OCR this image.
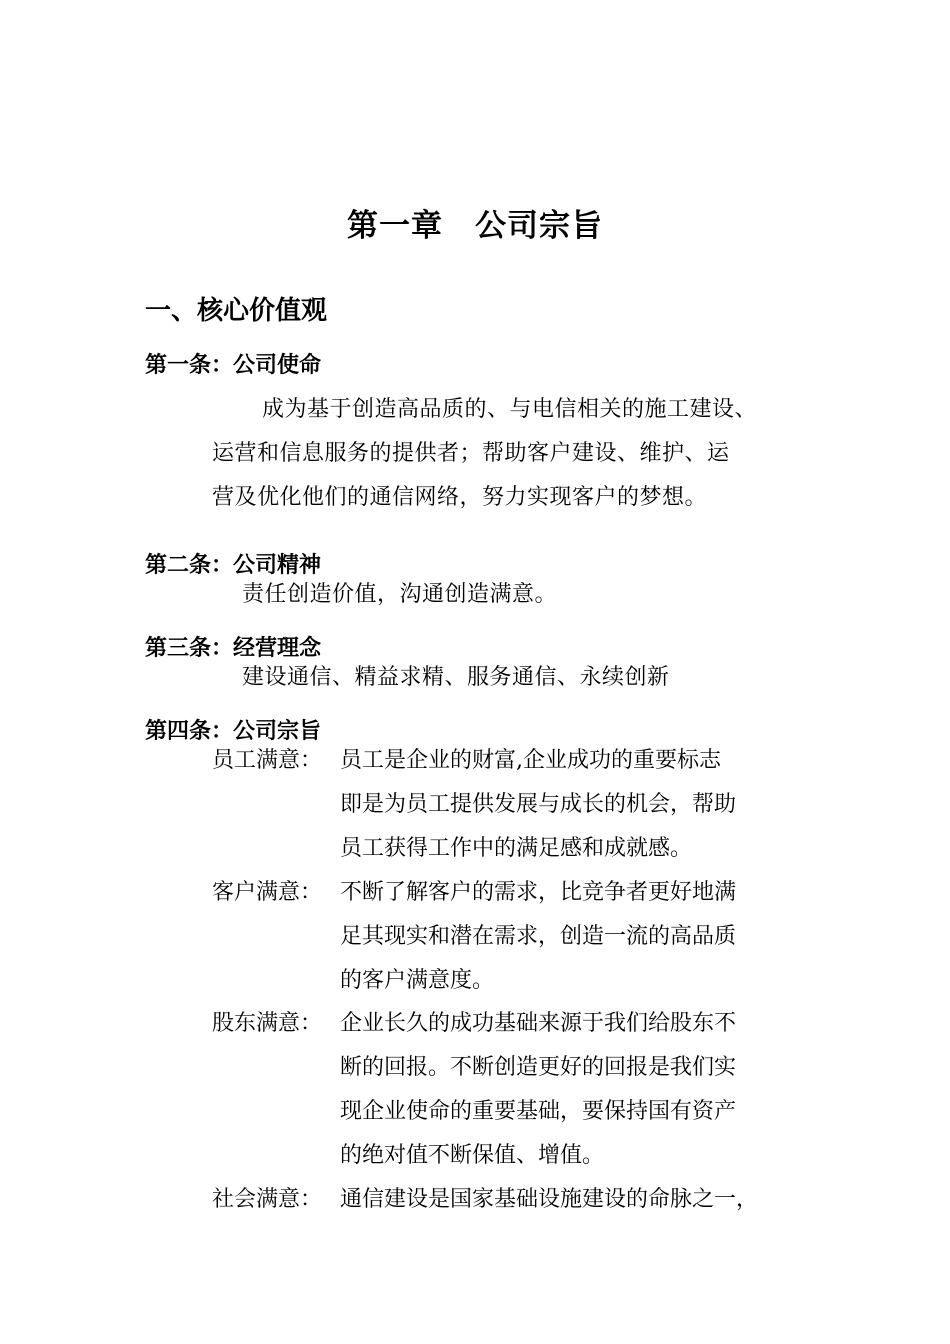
第一章　公司宗旨
一、核心价值观
第一条：公司使命
成为基于创造高品质的、与电信相关的施工建设、
运营和信息服务的提供者；帮助客户建设、维护、运
营及优化他们的通信网络，努力实现客户的梦想。
第二条：公司精神
责任创造价值，沟通创造满意。
第三条：经营理念
建设通信、精益求精、服务通信、永续创新
第四条：公司宗旨
员工满意： 员工是企业的财富,企业成功的重要标志
即是为员工提供发展与成长的机会，帮助
员工获得工作中的满足感和成就感。
客户满意： 不断了解客户的需求，比竞争者更好地满
足其现实和潜在需求，创造一流的高品质
的客户满意度。
股东满意： 企业长久的成功基础来源于我们给股东不
断的回报。不断创造更好的回报是我们实
现企业使命的重要基础，要保持国有资产
的绝对值不断保值、增值。
社会满意： 通信建设是国家基础设施建设的命脉之一，
